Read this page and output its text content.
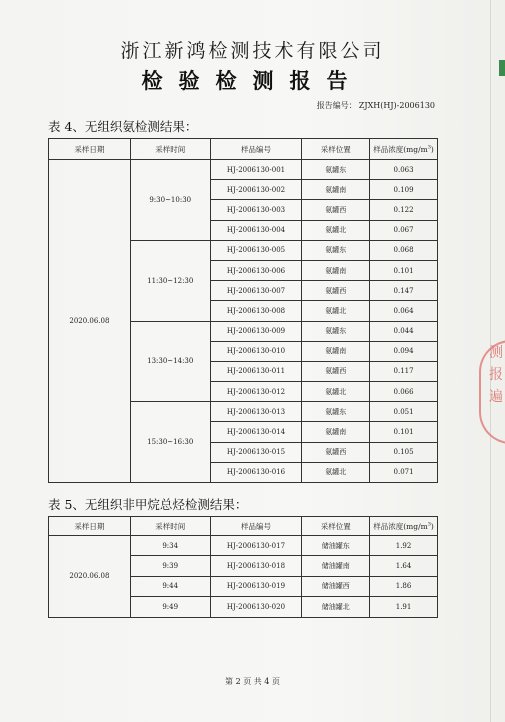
浙江新鸿检测技术有限公司
检验检测报告
报告编号： ZJXH(HJ)-2006130
表 4、无组织氨检测结果：
采样日期	采样时间	样品编号	采样位置	样品浓度$(mg/m^3)$
2020.06.08	9:30~10:30	HJ-2006130-001	氨罐东	0.063
		HJ-2006130-002	氨罐南	0.109
		HJ-2006130-003	氨罐西	0.122
		HJ-2006130-004	氨罐北	0.067
	11:30~12:30	HJ-2006130-005	氨罐东	0.068
		HJ-2006130-006	氨罐南	0.101
		HJ-2006130-007	氨罐西	0.147
		HJ-2006130-008	氨罐北	0.064
	13:30~14:30	HJ-2006130-009	氨罐东	0.044
		HJ-2006130-010	氨罐南	0.094
		HJ-2006130-011	氨罐西	0.117
		HJ-2006130-012	氨罐北	0.066
	15:30~16:30	HJ-2006130-013	氨罐东	0.051
		HJ-2006130-014	氨罐南	0.101
		HJ-2006130-015	氨罐西	0.105
		HJ-2006130-016	氨罐北	0.071
表 5、无组织非甲烷总烃检测结果：
采样日期	采样时间	样品编号	采样位置	样品浓度$(mg/m^3)$
2020.06.08	9:34	HJ-2006130-017	储油罐东	1.92
	9:39	HJ-2006130-018	储油罐南	1.64
	9:44	HJ-2006130-019	储油罐西	1.86
	9:49	HJ-2006130-020	储油罐北	1.91
第 2 页 共 4 页
测
报
遍
